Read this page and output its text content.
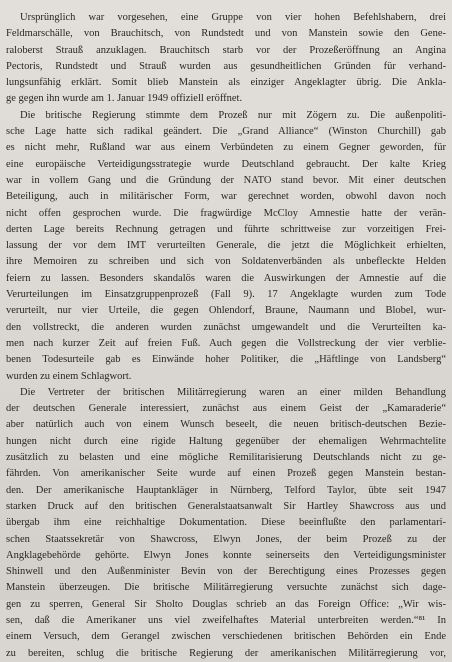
Ursprünglich war vorgesehen, eine Gruppe von vier hohen Befehlshabern, drei
Feldmarschälle, von Brauchitsch, von Rundstedt und von Manstein sowie den Gene-
raloberst Strauß anzuklagen. Brauchitsch starb vor der Prozeßeröffnung an Angina
Pectoris, Rundstedt und Strauß wurden aus gesundheitlichen Gründen für verhand-
lungsunfähig erklärt. Somit blieb Manstein als einziger Angeklagter übrig. Die Ankla-
ge gegen ihn wurde am 1. Januar 1949 offiziell eröffnet.
Die britische Regierung stimmte dem Prozeß nur mit Zögern zu. Die außenpoliti-
sche Lage hatte sich radikal geändert. Die „Grand Alliance“ (Winston Churchill) gab
es nicht mehr, Rußland war aus einem Verbündeten zu einem Gegner geworden, für
eine europäische Verteidigungsstrategie wurde Deutschland gebraucht. Der kalte Krieg
war in vollem Gang und die Gründung der NATO stand bevor. Mit einer deutschen
Beteiligung, auch in militärischer Form, war gerechnet worden, obwohl davon noch
nicht offen gesprochen wurde. Die fragwürdige McCloy Amnestie hatte der verän-
derten Lage bereits Rechnung getragen und führte schrittweise zur vorzeitigen Frei-
lassung der vor dem IMT verurteilten Generale, die jetzt die Möglichkeit erhielten,
ihre Memoiren zu schreiben und sich von Soldatenverbänden als unbefleckte Helden
feiern zu lassen. Besonders skandalös waren die Auswirkungen der Amnestie auf die
Verurteilungen im Einsatzgruppenprozeß (Fall 9). 17 Angeklagte wurden zum Tode
verurteilt, nur vier Urteile, die gegen Ohlendorf, Braune, Naumann und Blobel, wur-
den vollstreckt, die anderen wurden zunächst umgewandelt und die Verurteilten ka-
men nach kurzer Zeit auf freien Fuß. Auch gegen die Vollstreckung der vier verblie-
benen Todesurteile gab es Einwände hoher Politiker, die „Häftlinge von Landsberg“
wurden zu einem Schlagwort.
Die Vertreter der britischen Militärregierung waren an einer milden Behandlung
der deutschen Generale interessiert, zunächst aus einem Geist der „Kamaraderie“
aber natürlich auch von einem Wunsch beseelt, die neuen britisch-deutschen Bezie-
hungen nicht durch eine rigide Haltung gegenüber der ehemaligen Wehrmachtelite
zusätzlich zu belasten und eine mögliche Remilitarisierung Deutschlands nicht zu ge-
fährden. Von amerikanischer Seite wurde auf einen Prozeß gegen Manstein bestan-
den. Der amerikanische Hauptankläger in Nürnberg, Telford Taylor, übte seit 1947
starken Druck auf den britischen Generalstaatsanwalt Sir Hartley Shawcross aus und
übergab ihm eine reichhaltige Dokumentation. Diese beeinflußte den parlamentari-
schen Staatssekretär von Shawcross, Elwyn Jones, der beim Prozeß zu der
Angklagebehörde gehörte. Elwyn Jones konnte seinerseits den Verteidigungsminister
Shinwell und den Außenminister Bevin von der Berechtigung eines Prozesses gegen
Manstein überzeugen. Die britische Militärregierung versuchte zunächst sich dage-
gen zu sperren, General Sir Sholto Douglas schrieb an das Foreign Office: „Wir wis-
sen, daß die Amerikaner uns viel zweifelhaftes Material unterbreiten werden.“⁸¹ In
einem Versuch, dem Gerangel zwischen verschiedenen britischen Behörden ein Ende
zu bereiten, schlug die britische Regierung der amerikanischen Militärregierung vor,
